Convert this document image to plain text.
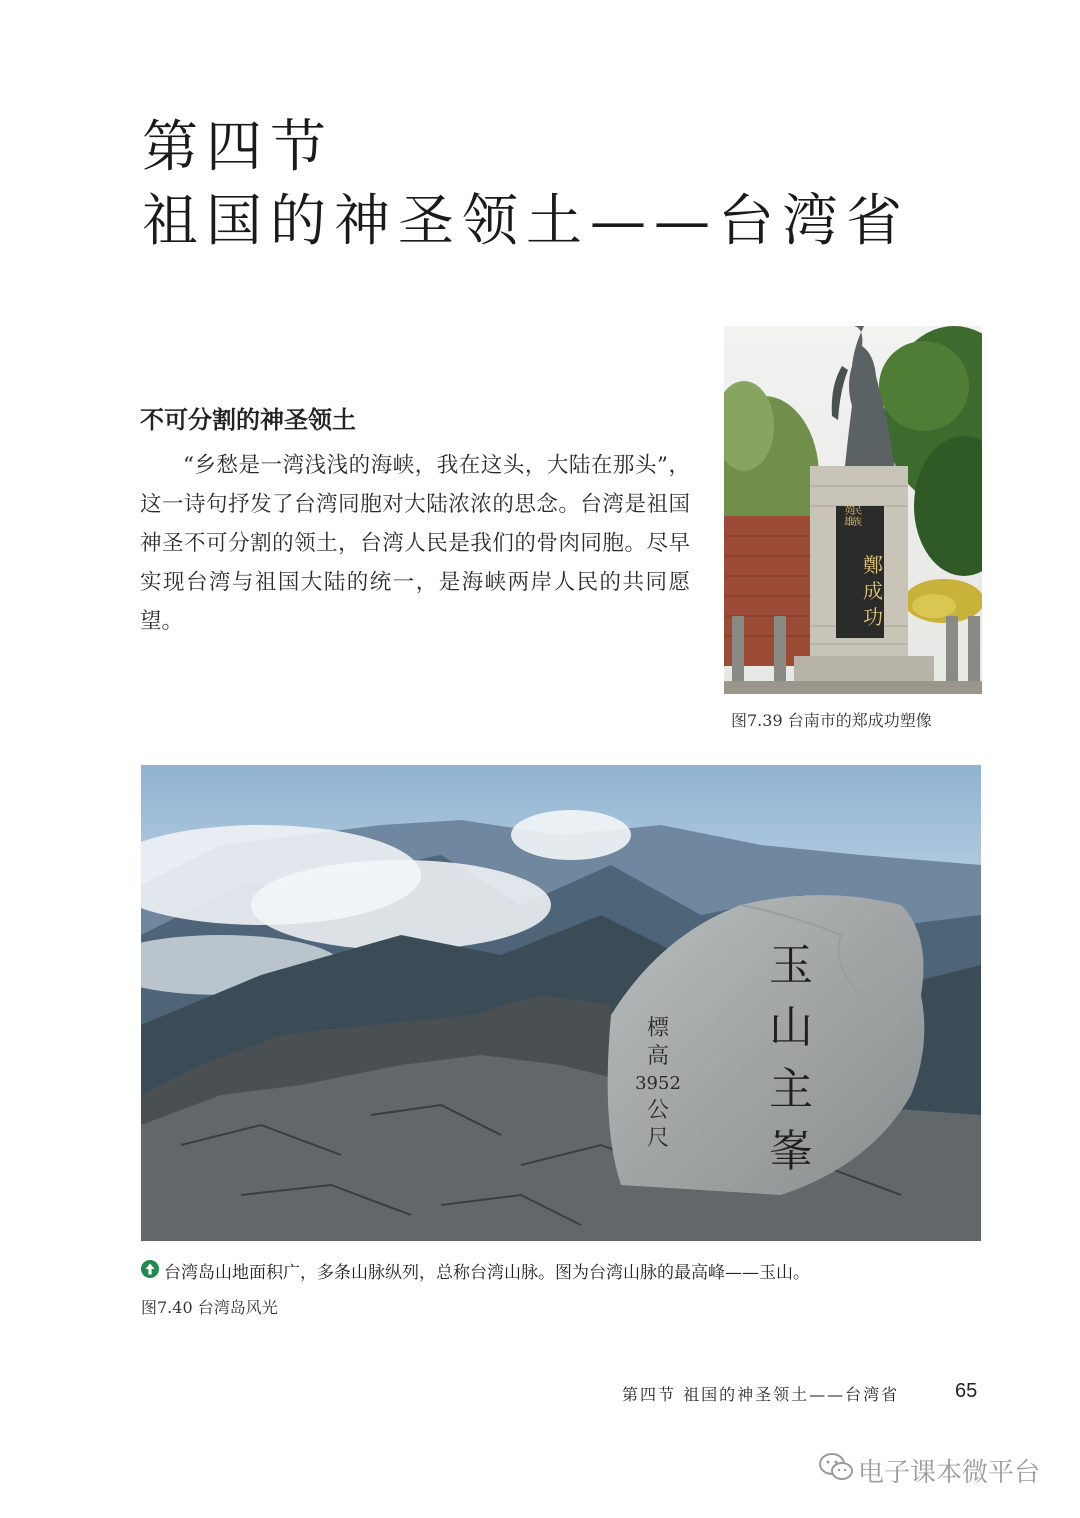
第四节
祖国的神圣领土——台湾省
不可分割的神圣领土
“乡愁是一湾浅浅的海峡，我在这头，大陆在那头”，这一诗句抒发了台湾同胞对大陆浓浓的思念。台湾是祖国神圣不可分割的领土，台湾人民是我们的骨肉同胞。尽早实现台湾与祖国大陆的统一，是海峡两岸人民的共同愿望。
英雄
民族
鄭成功
图7.39 台南市的郑成功塑像
標
高
3952
公
尺
玉山主峯
台湾岛山地面积广，多条山脉纵列，总称台湾山脉。图为台湾山脉的最高峰——玉山。
图7.40 台湾岛风光
第四节 祖国的神圣领土——台湾省	65
电子课本微平台
